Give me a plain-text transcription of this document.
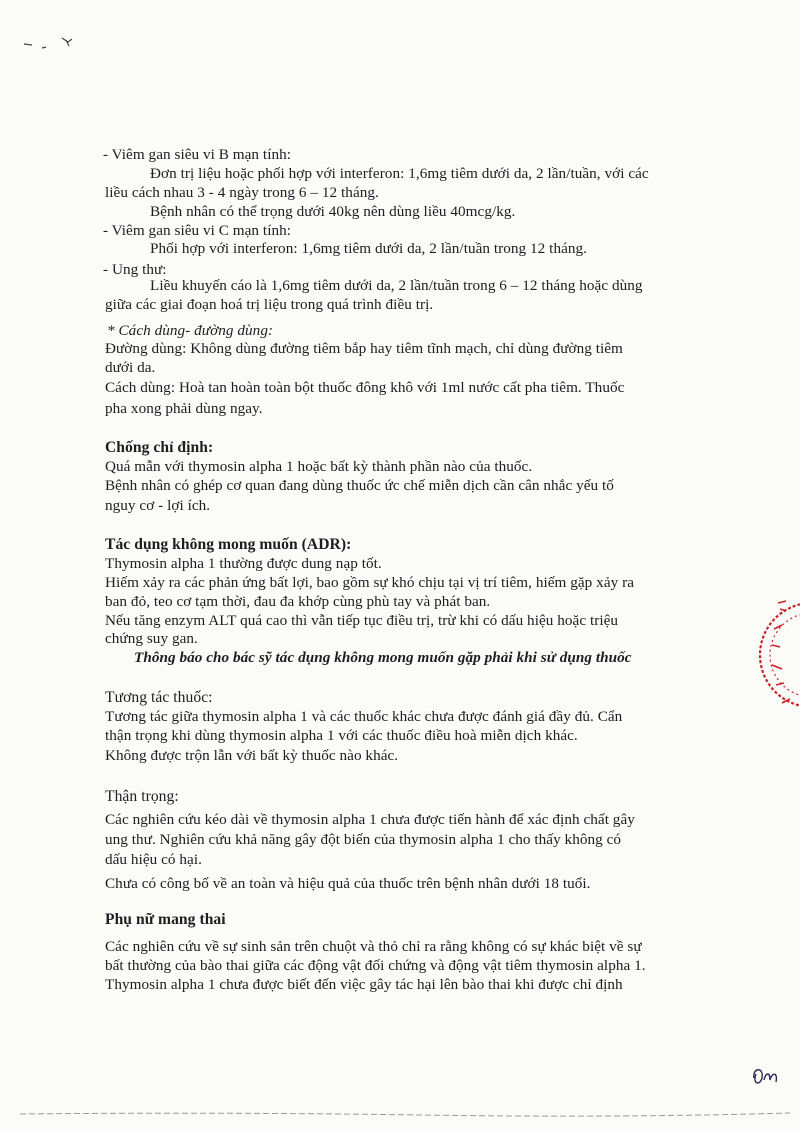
- Viêm gan siêu vi B mạn tính:
Đơn trị liệu hoặc phối hợp với interferon: 1,6mg tiêm dưới da, 2 lần/tuần, với các
liều cách nhau 3 - 4 ngày trong 6 – 12 tháng.
Bệnh nhân có thể trọng dưới 40kg nên dùng liều 40mcg/kg.
- Viêm gan siêu vi C mạn tính:
Phối hợp với interferon: 1,6mg tiêm dưới da, 2 lần/tuần trong 12 tháng.
- Ung thư:
Liều khuyến cáo là 1,6mg tiêm dưới da, 2 lần/tuần trong 6 – 12 tháng hoặc dùng
giữa các giai đoạn hoá trị liệu trong quá trình điều trị.
* Cách dùng- đường dùng:
Đường dùng: Không dùng đường tiêm bắp hay tiêm tĩnh mạch, chỉ dùng đường tiêm
dưới da.
Cách dùng: Hoà tan hoàn toàn bột thuốc đông khô với 1ml nước cất pha tiêm. Thuốc
pha xong phải dùng ngay.
Chống chỉ định:
Quá mẫn với thymosin alpha 1 hoặc bất kỳ thành phần nào của thuốc.
Bệnh nhân có ghép cơ quan đang dùng thuốc ức chế miễn dịch cần cân nhắc yếu tố
nguy cơ - lợi ích.
Tác dụng không mong muốn (ADR):
Thymosin alpha 1 thường được dung nạp tốt.
Hiếm xảy ra các phản ứng bất lợi, bao gồm sự khó chịu tại vị trí tiêm, hiếm gặp xảy ra
ban đỏ, teo cơ tạm thời, đau đa khớp cùng phù tay và phát ban.
Nếu tăng enzym ALT quá cao thì vẫn tiếp tục điều trị, trừ khi có dấu hiệu hoặc triệu
chứng suy gan.
Thông báo cho bác sỹ tác dụng không mong muốn gặp phải khi sử dụng thuốc
Tương tác thuốc:
Tương tác giữa thymosin alpha 1 và các thuốc khác chưa được đánh giá đầy đủ. Cẩn
thận trọng khi dùng thymosin alpha 1 với các thuốc điều hoà miễn dịch khác.
Không được trộn lẫn với bất kỳ thuốc nào khác.
Thận trọng:
Các nghiên cứu kéo dài về thymosin alpha 1 chưa được tiến hành để xác định chất gây
ung thư. Nghiên cứu khả năng gây đột biến của thymosin alpha 1 cho thấy không có
dấu hiệu có hại.
Chưa có công bố về an toàn và hiệu quả của thuốc trên bệnh nhân dưới 18 tuổi.
Phụ nữ mang thai
Các nghiên cứu về sự sinh sản trên chuột và thỏ chỉ ra rằng không có sự khác biệt về sự
bất thường của bào thai giữa các động vật đối chứng và động vật tiêm thymosin alpha 1.
Thymosin alpha 1 chưa được biết đến việc gây tác hại lên bào thai khi được chỉ định
